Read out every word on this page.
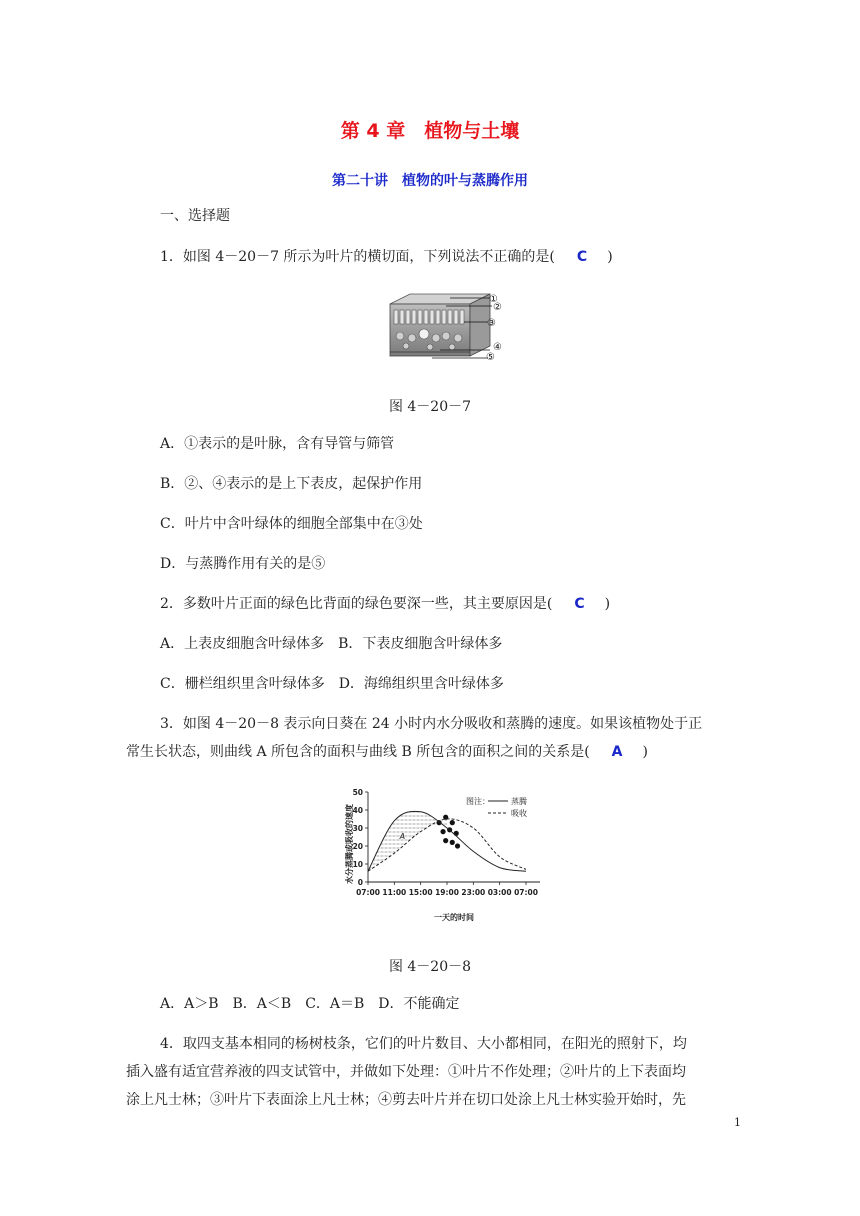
第 4 章　植物与土壤
第二十讲　植物的叶与蒸腾作用
一、选择题
1．如图 4－20－7 所示为叶片的横切面，下列说法不正确的是( C )
①
②
③
④
⑤
图 4－20－7
A．①表示的是叶脉，含有导管与筛管
B．②、④表示的是上下表皮，起保护作用
C．叶片中含叶绿体的细胞全部集中在③处
D．与蒸腾作用有关的是⑤
2．多数叶片正面的绿色比背面的绿色要深一些，其主要原因是( C )
A．上表皮细胞含叶绿体多　B．下表皮细胞含叶绿体多
C．栅栏组织里含叶绿体多　D．海绵组织里含叶绿体多
3．如图 4－20－8 表示向日葵在 24 小时内水分吸收和蒸腾的速度。如果该植物处于正
常生长状态，则曲线 A 所包含的面积与曲线 B 所包含的面积之间的关系是( A )
A
07:00 11:00 15:00 19:00 23:00 03:00 07:00
0
10
20
30
40
50
图注：	蒸腾
吸收
水分蒸腾或吸收的速度
一天的时间
图 4－20－8
A．A＞B　B．A＜B　C．A＝B　D．不能确定
4．取四支基本相同的杨树枝条，它们的叶片数目、大小都相同，在阳光的照射下，均
插入盛有适宜营养液的四支试管中，并做如下处理：①叶片不作处理；②叶片的上下表面均
涂上凡士林；③叶片下表面涂上凡士林；④剪去叶片并在切口处涂上凡士林实验开始时，先
1
